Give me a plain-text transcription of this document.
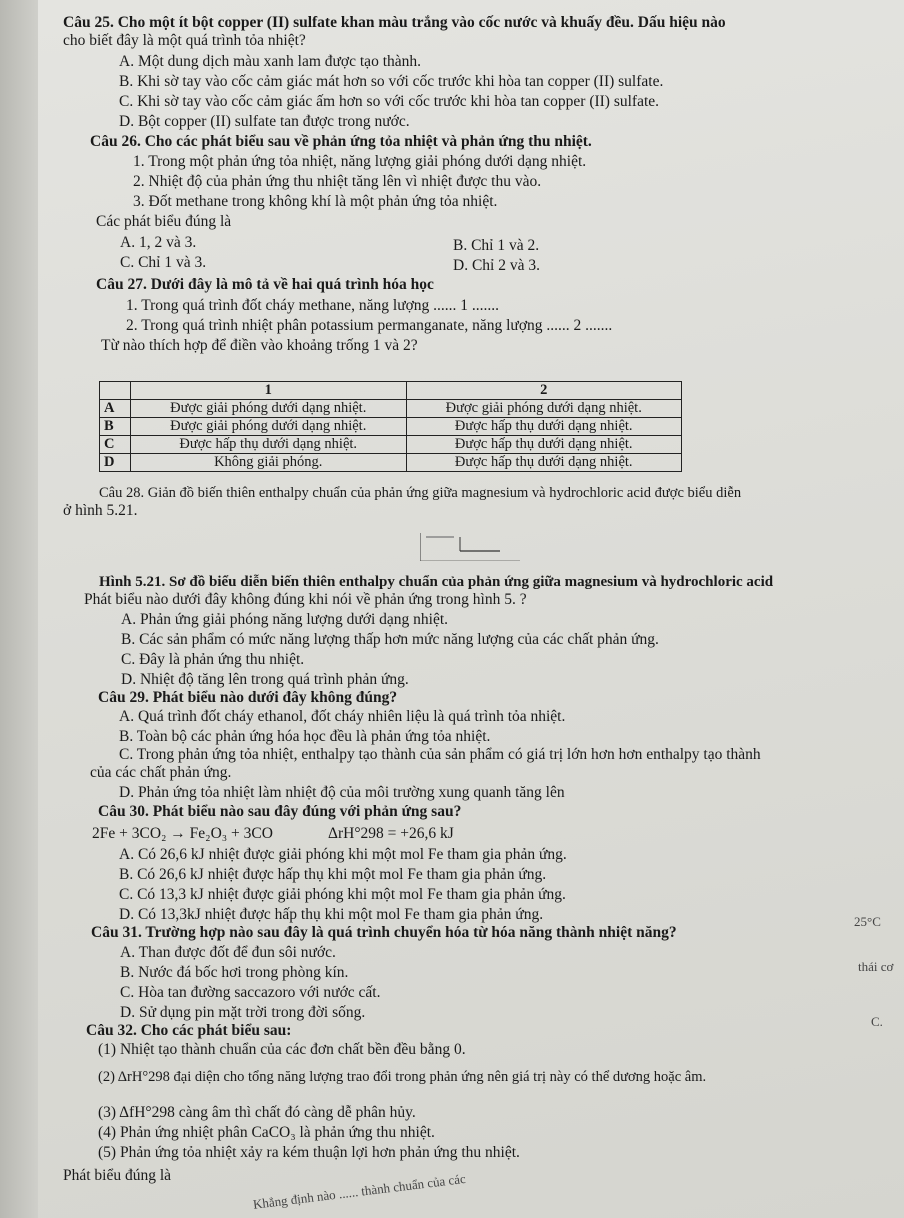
Câu 25. Cho một ít bột copper (II) sulfate khan màu trắng vào cốc nước và khuấy đều. Dấu hiệu nào
cho biết đây là một quá trình tỏa nhiệt?
A. Một dung dịch màu xanh lam được tạo thành.
B. Khi sờ tay vào cốc cảm giác mát hơn so với cốc trước khi hòa tan copper (II) sulfate.
C. Khi sờ tay vào cốc cảm giác ấm hơn so với cốc trước khi hòa tan copper (II) sulfate.
D. Bột copper (II) sulfate tan được trong nước.
Câu 26. Cho các phát biểu sau về phản ứng tỏa nhiệt và phản ứng thu nhiệt.
1. Trong một phản ứng tỏa nhiệt, năng lượng giải phóng dưới dạng nhiệt.
2. Nhiệt độ của phản ứng thu nhiệt tăng lên vì nhiệt được thu vào.
3. Đốt methane trong không khí là một phản ứng tỏa nhiệt.
Các phát biểu đúng là
A. 1, 2 và 3.	B. Chỉ 1 và 2.
C. Chỉ 1 và 3.	D. Chỉ 2 và 3.
Câu 27. Dưới đây là mô tả về hai quá trình hóa học
1. Trong quá trình đốt cháy methane, năng lượng ...... 1 .......
2. Trong quá trình nhiệt phân potassium permanganate, năng lượng ...... 2 .......
Từ nào thích hợp để điền vào khoảng trống 1 và 2?
	1	2
A	Được giải phóng dưới dạng nhiệt.	Được giải phóng dưới dạng nhiệt.
B	Được giải phóng dưới dạng nhiệt.	Được hấp thụ dưới dạng nhiệt.
C	Được hấp thụ dưới dạng nhiệt.	Được hấp thụ dưới dạng nhiệt.
D	Không giải phóng.	Được hấp thụ dưới dạng nhiệt.
Câu 28. Giản đồ biến thiên enthalpy chuẩn của phản ứng giữa magnesium và hydrochloric acid được biểu diễn
ở hình 5.21.
Hình 5.21. Sơ đồ biểu diễn biến thiên enthalpy chuẩn của phản ứng giữa magnesium và hydrochloric acid
Phát biểu nào dưới đây không đúng khi nói về phản ứng trong hình 5. ?
A. Phản ứng giải phóng năng lượng dưới dạng nhiệt.
B. Các sản phẩm có mức năng lượng thấp hơn mức năng lượng của các chất phản ứng.
C. Đây là phản ứng thu nhiệt.
D. Nhiệt độ tăng lên trong quá trình phản ứng.
Câu 29. Phát biểu nào dưới đây không đúng?
A. Quá trình đốt cháy ethanol, đốt cháy nhiên liệu là quá trình tỏa nhiệt.
B. Toàn bộ các phản ứng hóa học đều là phản ứng tỏa nhiệt.
C. Trong phản ứng tỏa nhiệt, enthalpy tạo thành của sản phẩm có giá trị lớn hơn hơn enthalpy tạo thành
của các chất phản ứng.
D. Phản ứng tỏa nhiệt làm nhiệt độ của môi trường xung quanh tăng lên
Câu 30. Phát biểu nào sau đây đúng với phản ứng sau?
2Fe + 3CO₂ → Fe₂O₃ + 3CO	ΔrH°298 = +26,6 kJ
A. Có 26,6 kJ nhiệt được giải phóng khi một mol Fe tham gia phản ứng.
B. Có 26,6 kJ nhiệt được hấp thụ khi một mol Fe tham gia phản ứng.
C. Có 13,3 kJ nhiệt được giải phóng khi một mol Fe tham gia phản ứng.
D. Có 13,3kJ nhiệt được hấp thụ khi một mol Fe tham gia phản ứng.
Câu 31. Trường hợp nào sau đây là quá trình chuyển hóa từ hóa năng thành nhiệt năng?
A. Than được đốt để đun sôi nước.
B. Nước đá bốc hơi trong phòng kín.
C. Hòa tan đường saccazoro với nước cất.
D. Sử dụng pin mặt trời trong đời sống.
25°C
thái cơ
C.
Câu 32. Cho các phát biểu sau:
(1) Nhiệt tạo thành chuẩn của các đơn chất bền đều bằng 0.
(2) ΔrH°298 đại diện cho tổng năng lượng trao đổi trong phản ứng nên giá trị này có thể dương hoặc âm.
(3) ΔfH°298 càng âm thì chất đó càng dễ phân hủy.
(4) Phản ứng nhiệt phân CaCO₃ là phản ứng thu nhiệt.
(5) Phản ứng tỏa nhiệt xảy ra kém thuận lợi hơn phản ứng thu nhiệt.
Phát biểu đúng là	Khẳng định nào ...... thành chuẩn của các
